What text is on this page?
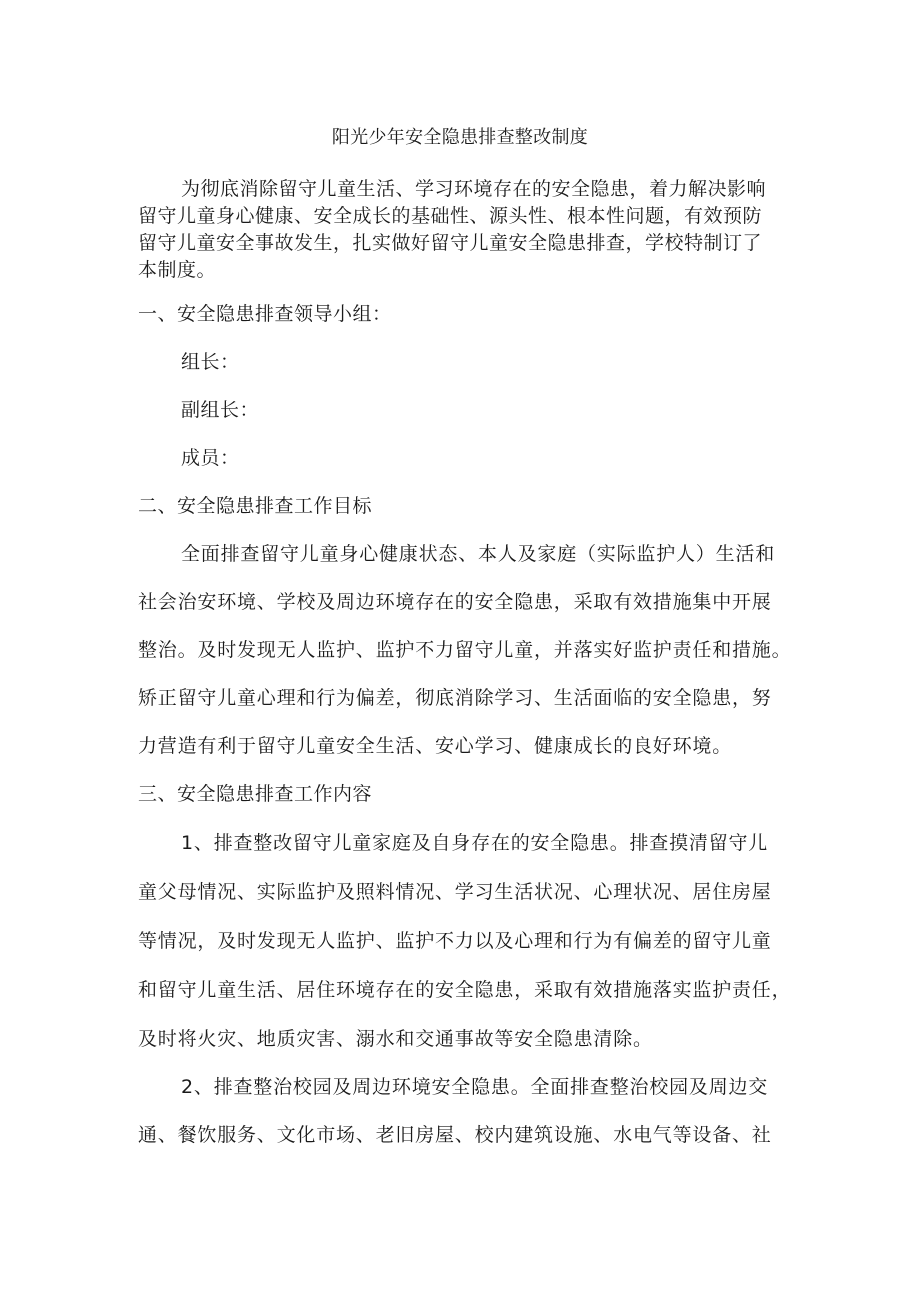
阳光少年安全隐患排查整改制度
为彻底消除留守儿童生活、学习环境存在的安全隐患，着力解决影响
留守儿童身心健康、安全成长的基础性、源头性、根本性问题，有效预防
留守儿童安全事故发生，扎实做好留守儿童安全隐患排查，学校特制订了
本制度。
一、安全隐患排查领导小组：
组长：
副组长：
成员：
二、安全隐患排查工作目标
全面排查留守儿童身心健康状态、本人及家庭（实际监护人）生活和
社会治安环境、学校及周边环境存在的安全隐患，采取有效措施集中开展
整治。及时发现无人监护、监护不力留守儿童，并落实好监护责任和措施。
矫正留守儿童心理和行为偏差，彻底消除学习、生活面临的安全隐患，努
力营造有利于留守儿童安全生活、安心学习、健康成长的良好环境。
三、安全隐患排查工作内容
1、排查整改留守儿童家庭及自身存在的安全隐患。排查摸清留守儿
童父母情况、实际监护及照料情况、学习生活状况、心理状况、居住房屋
等情况，及时发现无人监护、监护不力以及心理和行为有偏差的留守儿童
和留守儿童生活、居住环境存在的安全隐患，采取有效措施落实监护责任，
及时将火灾、地质灾害、溺水和交通事故等安全隐患清除。
2、排查整治校园及周边环境安全隐患。全面排查整治校园及周边交
通、餐饮服务、文化市场、老旧房屋、校内建筑设施、水电气等设备、社
